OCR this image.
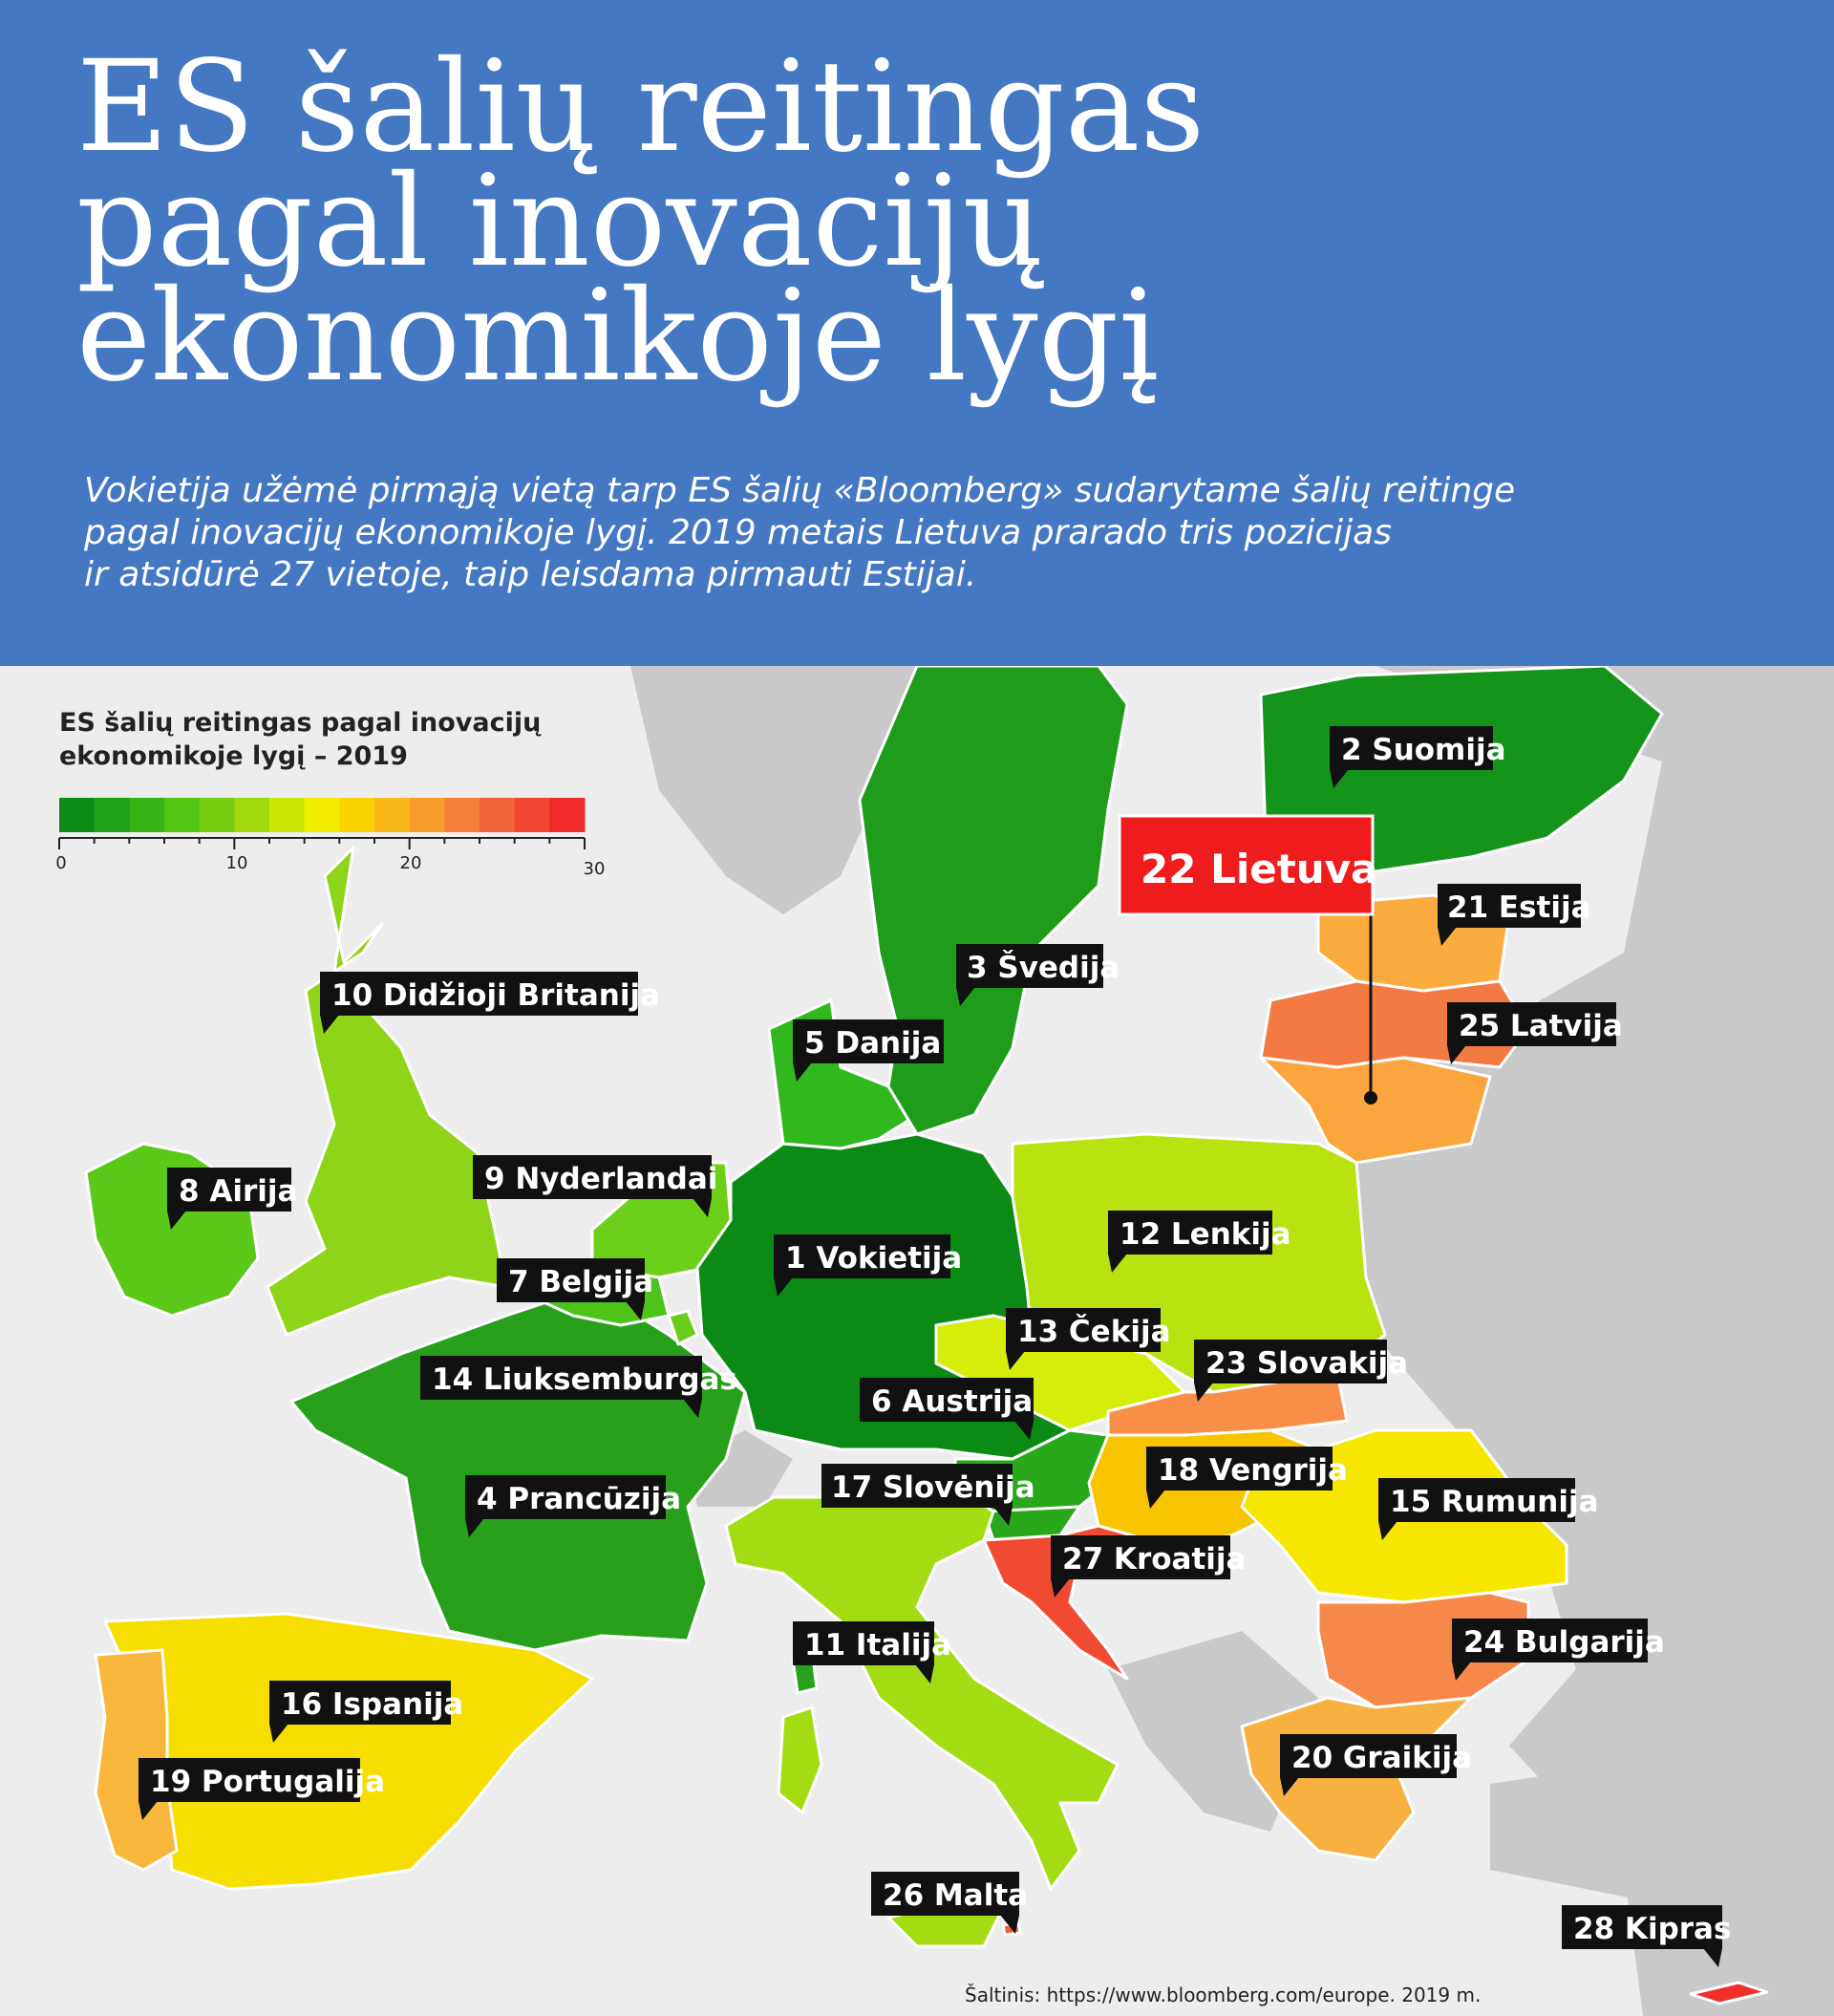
ES šalių reitingas
pagal inovacijų
ekonomikoje lygį
Vokietija užėmė pirmąją vietą tarp ES šalių «Bloomberg» sudarytame šalių reitinge
pagal inovacijų ekonomikoje lygį. 2019 metais Lietuva prarado tris pozicijas
ir atsidūrė 27 vietoje, taip leisdama pirmauti Estijai.
ES šalių reitingas pagal inovacijų
ekonomikoje lygį – 2019
0	10	20	30
1 Vokietija
2 Suomija
3 Švedija
4 Prancūzija
5 Danija
6 Austrija
7 Belgija
8 Airija	9 Nyderlandai
10 Didžioji Britanija
11 Italija
12 Lenkija
13 Čekija
14 Liuksemburgas
15 Rumunija
16 Ispanija
17 Slovėnija	18 Vengrija
19 Portugalija
20 Graikija
21 Estija
23 Slovakija
24 Bulgarija
25 Latvija
26 Malta
27 Kroatija
28 Kipras
22 Lietuva
Šaltinis: https://www.bloomberg.com/europe. 2019 m.
